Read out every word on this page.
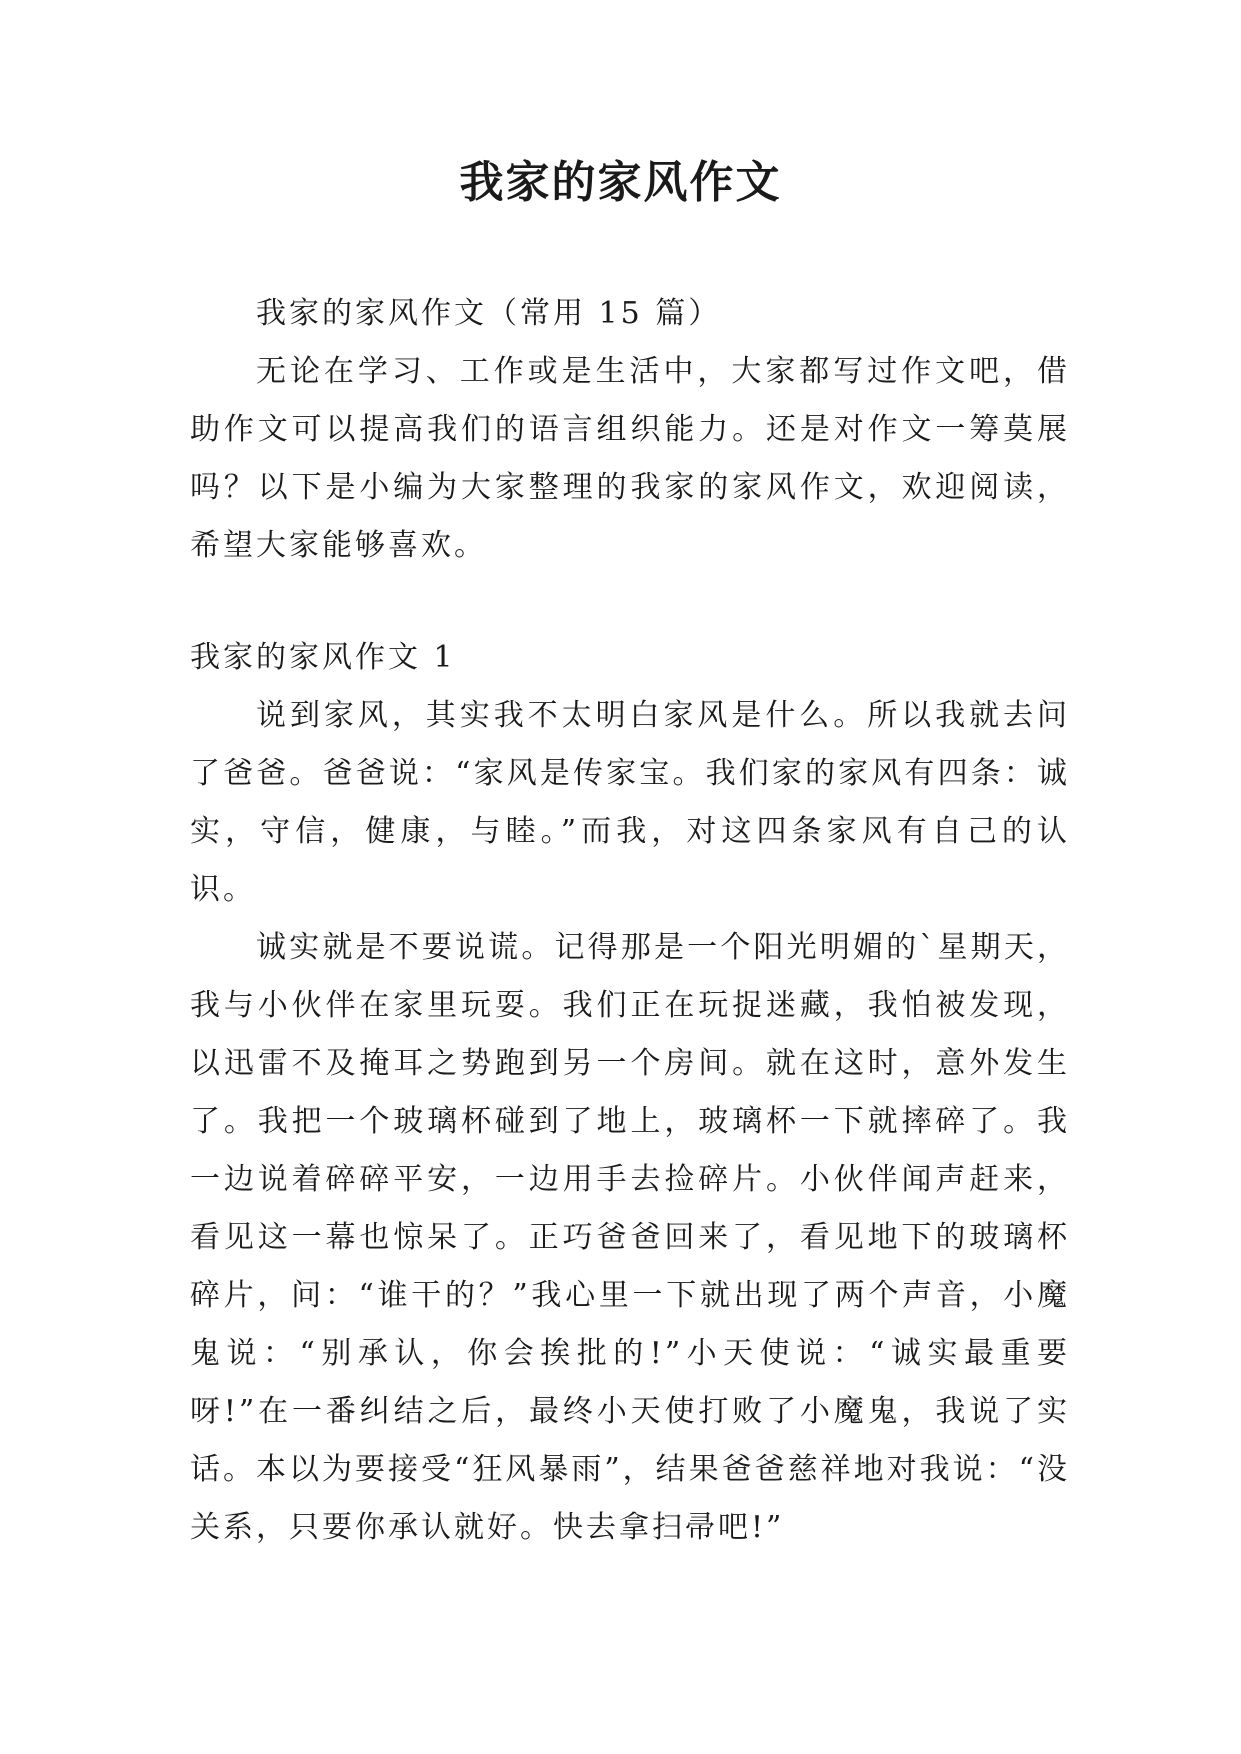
我家的家风作文

我家的家风作文（常用 15 篇）

无论在学习、工作或是生活中，大家都写过作文吧，借助作文可以提高我们的语言组织能力。还是对作文一筹莫展吗？以下是小编为大家整理的我家的家风作文，欢迎阅读，希望大家能够喜欢。

我家的家风作文 1

说到家风，其实我不太明白家风是什么。所以我就去问了爸爸。爸爸说：“家风是传家宝。我们家的家风有四条：诚实，守信，健康，与睦。”而我，对这四条家风有自己的认识。

诚实就是不要说谎。记得那是一个阳光明媚的`星期天，我与小伙伴在家里玩耍。我们正在玩捉迷藏，我怕被发现，以迅雷不及掩耳之势跑到另一个房间。就在这时，意外发生了。我把一个玻璃杯碰到了地上，玻璃杯一下就摔碎了。我一边说着碎碎平安，一边用手去捡碎片。小伙伴闻声赶来，看见这一幕也惊呆了。正巧爸爸回来了，看见地下的玻璃杯碎片，问：“谁干的？”我心里一下就出现了两个声音，小魔鬼说：“别承认，你会挨批的!”小天使说：“诚实最重要呀!”在一番纠结之后，最终小天使打败了小魔鬼，我说了实话。本以为要接受“狂风暴雨”，结果爸爸慈祥地对我说：“没关系，只要你承认就好。快去拿扫帚吧!”
